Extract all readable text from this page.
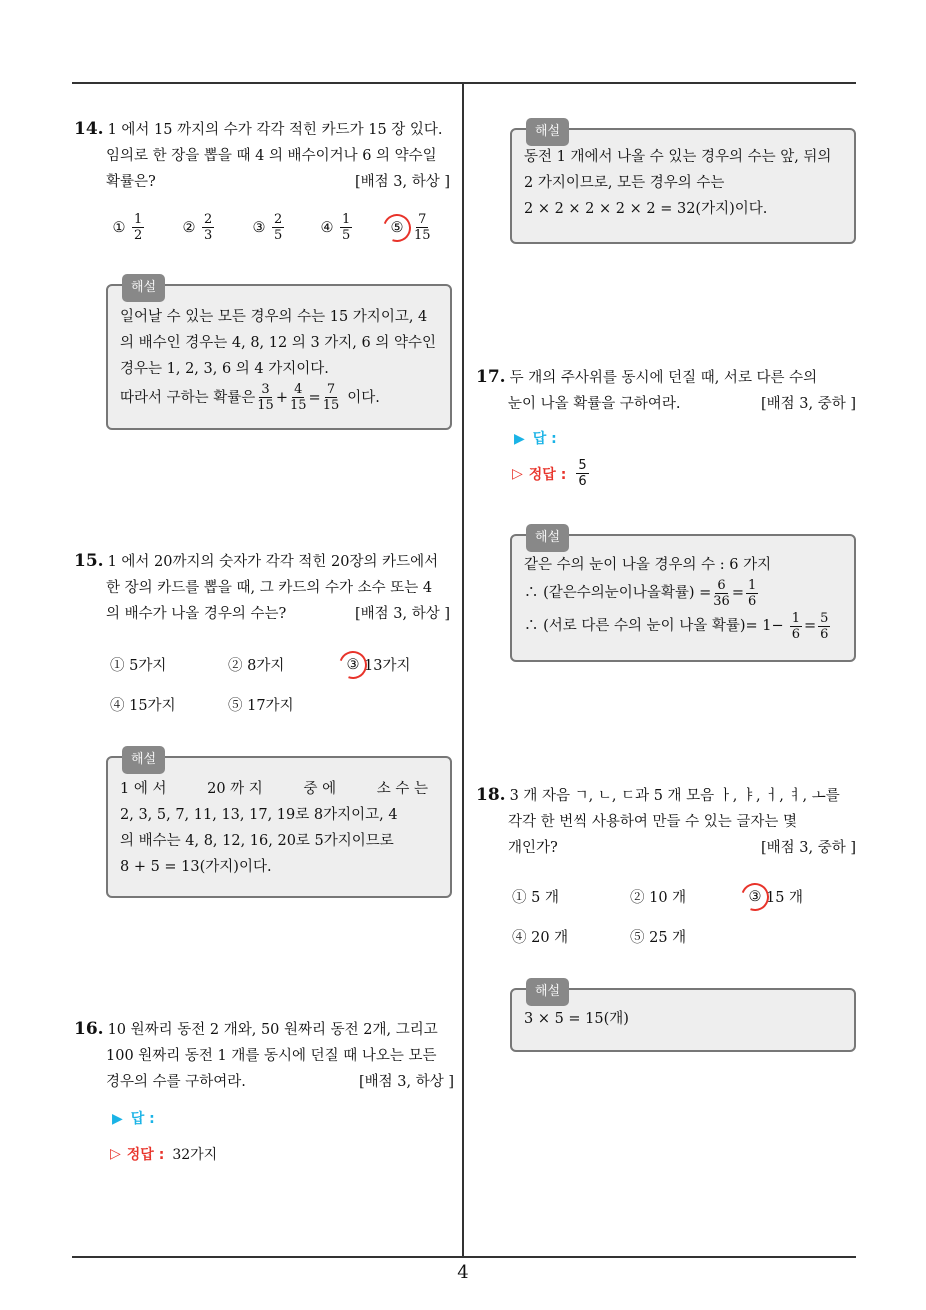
14. 1 에서 15 까지의 수가 각각 적힌 카드가 15 장 있다.
임의로 한 장을 뽑을 때 4 의 배수이거나 6 의 약수일
확률은?	[배점 3, 하상 ]
① $\frac{1}{2}$	② $\frac{2}{3}$	③ $\frac{2}{5}$	④ $\frac{1}{5}$	⑤ $\frac{7}{15}$
해설
일어날 수 있는 모든 경우의 수는 15 가지이고, 4
의 배수인 경우는 4, 8, 12 의 3 가지, 6 의 약수인
경우는 1, 2, 3, 6 의 4 가지이다.
따라서 구하는 확률은 $\frac{3}{15} + \frac{4}{15} = \frac{7}{15}$ 이다.
15. 1 에서 20까지의 숫자가 각각 적힌 20장의 카드에서
한 장의 카드를 뽑을 때, 그 카드의 수가 소수 또는 4
의 배수가 나올 경우의 수는?	[배점 3, 하상 ]
① 5가지	② 8가지	③ 13가지
④ 15가지	⑤ 17가지
해설
1 에 서	20 까 지	중 에	소 수 는
2, 3, 5, 7, 11, 13, 17, 19로 8가지이고, 4
의 배수는 4, 8, 12, 16, 20로 5가지이므로
8 + 5 = 13(가지)이다.
16. 10 원짜리 동전 2 개와, 50 원짜리 동전 2개, 그리고
100 원짜리 동전 1 개를 동시에 던질 때 나오는 모든
경우의 수를 구하여라.	[배점 3, 하상 ]
▶ 답 :
▷ 정답 : 32가지
해설
동전 1 개에서 나올 수 있는 경우의 수는 앞, 뒤의
2 가지이므로, 모든 경우의 수는
2 × 2 × 2 × 2 × 2 = 32(가지)이다.
17. 두 개의 주사위를 동시에 던질 때, 서로 다른 수의
눈이 나올 확률을 구하여라.	[배점 3, 중하 ]
▶ 답 :
▷ 정답 : $\frac{5}{6}$
해설
같은 수의 눈이 나올 경우의 수 : 6 가지
∴ (같은수의눈이나올확률) = $\frac{6}{36} = \frac{1}{6}$
∴ (서로 다른 수의 눈이 나올 확률)= $1- \frac{1}{6} = \frac{5}{6}$
18. 3 개 자음 ㄱ, ㄴ, ㄷ과 5 개 모음 ㅏ, ㅑ, ㅓ, ㅕ, ㅗ를
각각 한 번씩 사용하여 만들 수 있는 글자는 몇
개인가?	[배점 3, 중하 ]
① 5 개	② 10 개	③ 15 개
④ 20 개	⑤ 25 개
해설
3 × 5 = 15(개)
4
